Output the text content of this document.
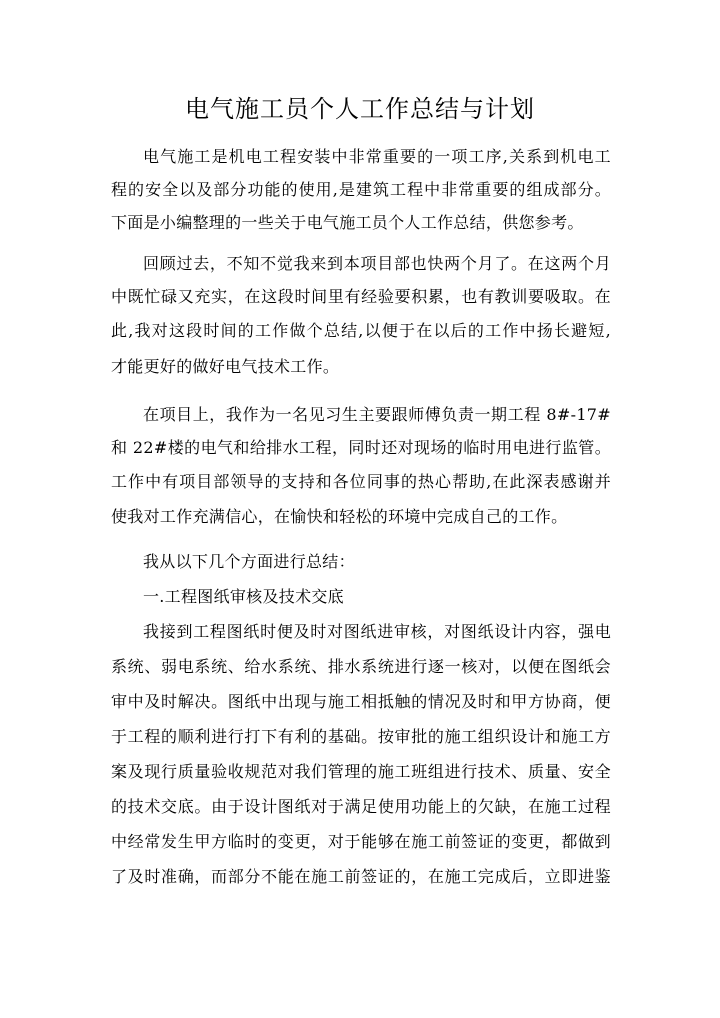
电气施工员个人工作总结与计划
电气施工是机电工程安装中非常重要的一项工序,关系到机电工
程的安全以及部分功能的使用,是建筑工程中非常重要的组成部分。
下面是小编整理的一些关于电气施工员个人工作总结，供您参考。
回顾过去，不知不觉我来到本项目部也快两个月了。在这两个月
中既忙碌又充实，在这段时间里有经验要积累，也有教训要吸取。在
此,我对这段时间的工作做个总结,以便于在以后的工作中扬长避短,
才能更好的做好电气技术工作。
在项目上，我作为一名见习生主要跟师傅负责一期工程 8#-17#
和 22#楼的电气和给排水工程，同时还对现场的临时用电进行监管。
工作中有项目部领导的支持和各位同事的热心帮助,在此深表感谢并
使我对工作充满信心，在愉快和轻松的环境中完成自己的工作。
我从以下几个方面进行总结：
一.工程图纸审核及技术交底
我接到工程图纸时便及时对图纸进审核，对图纸设计内容，强电
系统、弱电系统、给水系统、排水系统进行逐一核对，以便在图纸会
审中及时解决。图纸中出现与施工相抵触的情况及时和甲方协商，便
于工程的顺利进行打下有利的基础。按审批的施工组织设计和施工方
案及现行质量验收规范对我们管理的施工班组进行技术、质量、安全
的技术交底。由于设计图纸对于满足使用功能上的欠缺，在施工过程
中经常发生甲方临时的变更，对于能够在施工前签证的变更，都做到
了及时准确，而部分不能在施工前签证的，在施工完成后，立即进鉴
